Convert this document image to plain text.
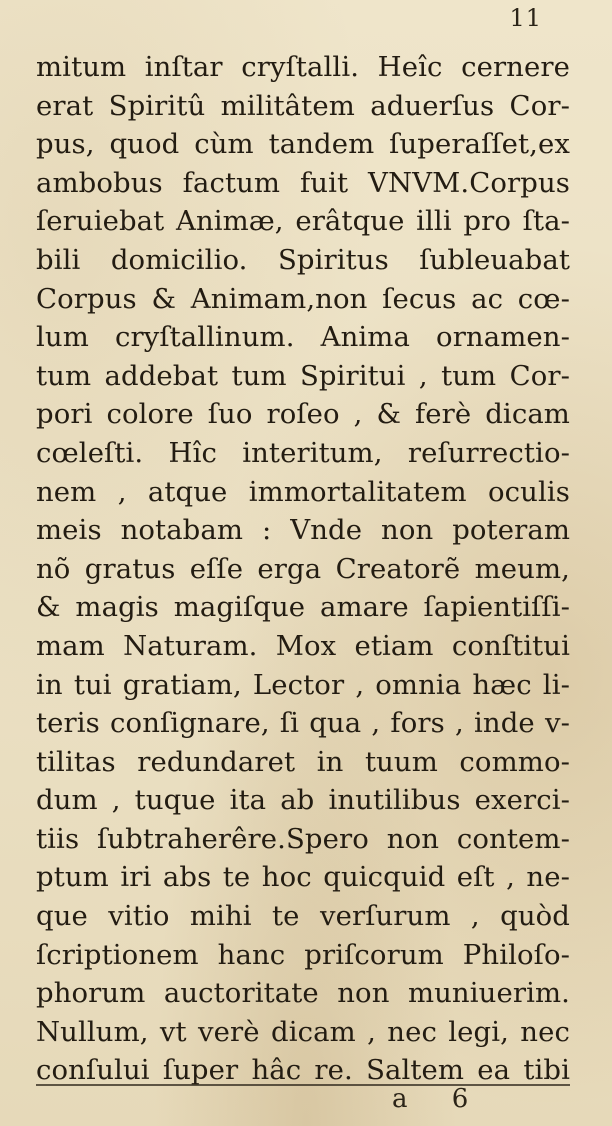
11
mitum inſtar cryſtalli. Heîc cernere
erat Spiritû militâtem aduerſus Cor-
pus, quod cùm tandem ſuperaſſet,ex
ambobus factum fuit VNVM.Corpus
ſeruiebat Animæ, erâtque illi pro ſta-
bili domicilio. Spiritus ſubleuabat
Corpus & Animam,non ſecus ac cœ-
lum cryſtallinum. Anima ornamen-
tum addebat tum Spiritui , tum Cor-
pori colore ſuo roſeo , & ferè dicam
cœleſti. Hîc interitum, reſurrectio-
nem , atque immortalitatem oculis
meis notabam : Vnde non poteram
nõ gratus eſſe erga Creatorẽ meum,
& magis magiſque amare ſapientiſſi-
mam Naturam. Mox etiam conſtitui
in tui gratiam, Lector , omnia hæc li-
teris conſignare, ſi qua , fors , inde v-
tilitas redundaret in tuum commo-
dum , tuque ita ab inutilibus exerci-
tiis ſubtraherêre.Spero non contem-
ptum iri abs te hoc quicquid eſt , ne-
que vitio mihi te verſurum , quòd
ſcriptionem hanc priſcorum Philoſo-
phorum auctoritate non muniuerim.
Nullum, vt verè dicam , nec legi, nec
conſului ſuper hâc re. Saltem ea tibi
a 6
